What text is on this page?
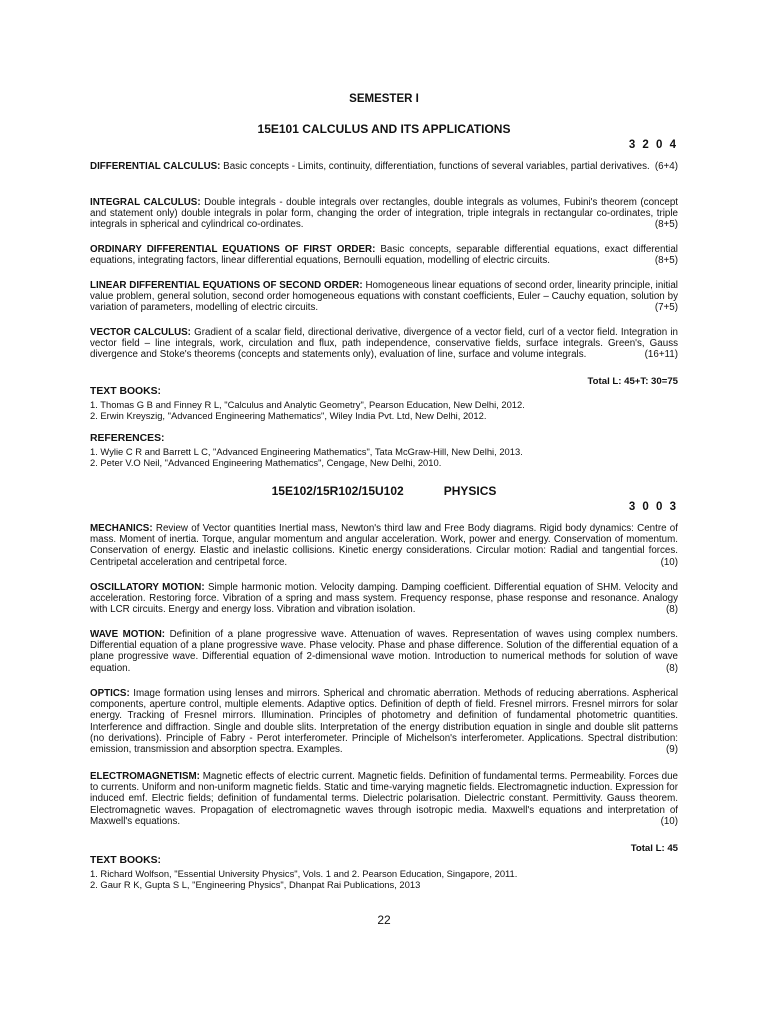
SEMESTER I
15E101 CALCULUS AND ITS APPLICATIONS
3 2 0 4
DIFFERENTIAL CALCULUS: Basic concepts - Limits, continuity, differentiation, functions of several variables, partial derivatives. (6+4)
INTEGRAL CALCULUS: Double integrals - double integrals over rectangles, double integrals as volumes, Fubini's theorem (concept and statement only) double integrals in polar form, changing the order of integration, triple integrals in rectangular co-ordinates, triple integrals in spherical and cylindrical co-ordinates.	(8+5)
ORDINARY DIFFERENTIAL EQUATIONS OF FIRST ORDER: Basic concepts, separable differential equations, exact differential equations, integrating factors, linear differential equations, Bernoulli equation, modelling of electric circuits.	(8+5)
LINEAR DIFFERENTIAL EQUATIONS OF SECOND ORDER: Homogeneous linear equations of second order, linearity principle, initial value problem, general solution, second order homogeneous equations with constant coefficients, Euler – Cauchy equation, solution by variation of parameters, modelling of electric circuits.	(7+5)
VECTOR CALCULUS: Gradient of a scalar field, directional derivative, divergence of a vector field, curl of a vector field. Integration in vector field – line integrals, work, circulation and flux, path independence, conservative fields, surface integrals. Green's, Gauss divergence and Stoke's theorems (concepts and statements only), evaluation of line, surface and volume integrals.	(16+11)
Total L: 45+T: 30=75
TEXT BOOKS:
1. Thomas G B and Finney R L, "Calculus and Analytic Geometry", Pearson Education, New Delhi, 2012.
2. Erwin Kreyszig, "Advanced Engineering Mathematics", Wiley India Pvt. Ltd, New Delhi, 2012.
REFERENCES:
1. Wylie C R and Barrett L C, "Advanced Engineering Mathematics", Tata McGraw-Hill, New Delhi, 2013.
2. Peter V.O Neil, "Advanced Engineering Mathematics", Cengage, New Delhi, 2010.
15E102/15R102/15U102	PHYSICS
3 0 0 3
MECHANICS: Review of Vector quantities Inertial mass, Newton's third law and Free Body diagrams. Rigid body dynamics: Centre of mass. Moment of inertia. Torque, angular momentum and angular acceleration. Work, power and energy. Conservation of momentum. Conservation of energy. Elastic and inelastic collisions. Kinetic energy considerations. Circular motion: Radial and tangential forces. Centripetal acceleration and centripetal force.	(10)
OSCILLATORY MOTION: Simple harmonic motion. Velocity damping. Damping coefficient. Differential equation of SHM. Velocity and acceleration. Restoring force. Vibration of a spring and mass system. Frequency response, phase response and resonance. Analogy with LCR circuits. Energy and energy loss. Vibration and vibration isolation.	(8)
WAVE MOTION: Definition of a plane progressive wave. Attenuation of waves. Representation of waves using complex numbers. Differential equation of a plane progressive wave. Phase velocity. Phase and phase difference. Solution of the differential equation of a plane progressive wave. Differential equation of 2-dimensional wave motion. Introduction to numerical methods for solution of wave equation.	(8)
OPTICS: Image formation using lenses and mirrors. Spherical and chromatic aberration. Methods of reducing aberrations. Aspherical components, aperture control, multiple elements. Adaptive optics. Definition of depth of field. Fresnel mirrors. Fresnel mirrors for solar energy. Tracking of Fresnel mirrors. Illumination. Principles of photometry and definition of fundamental photometric quantities. Interference and diffraction. Single and double slits. Interpretation of the energy distribution equation in single and double slit patterns (no derivations). Principle of Fabry - Perot interferometer. Principle of Michelson's interferometer. Applications. Spectral distribution: emission, transmission and absorption spectra. Examples.	(9)
ELECTROMAGNETISM: Magnetic effects of electric current. Magnetic fields. Definition of fundamental terms. Permeability. Forces due to currents. Uniform and non-uniform magnetic fields. Static and time-varying magnetic fields. Electromagnetic induction. Expression for induced emf. Electric fields; definition of fundamental terms. Dielectric polarisation. Dielectric constant. Permittivity. Gauss theorem. Electromagnetic waves. Propagation of electromagnetic waves through isotropic media. Maxwell's equations and interpretation of Maxwell's equations.	(10)
Total L: 45
TEXT BOOKS:
1. Richard Wolfson, "Essential University Physics", Vols. 1 and 2. Pearson Education, Singapore, 2011.
2. Gaur R K, Gupta S L, "Engineering Physics", Dhanpat Rai Publications, 2013
22
